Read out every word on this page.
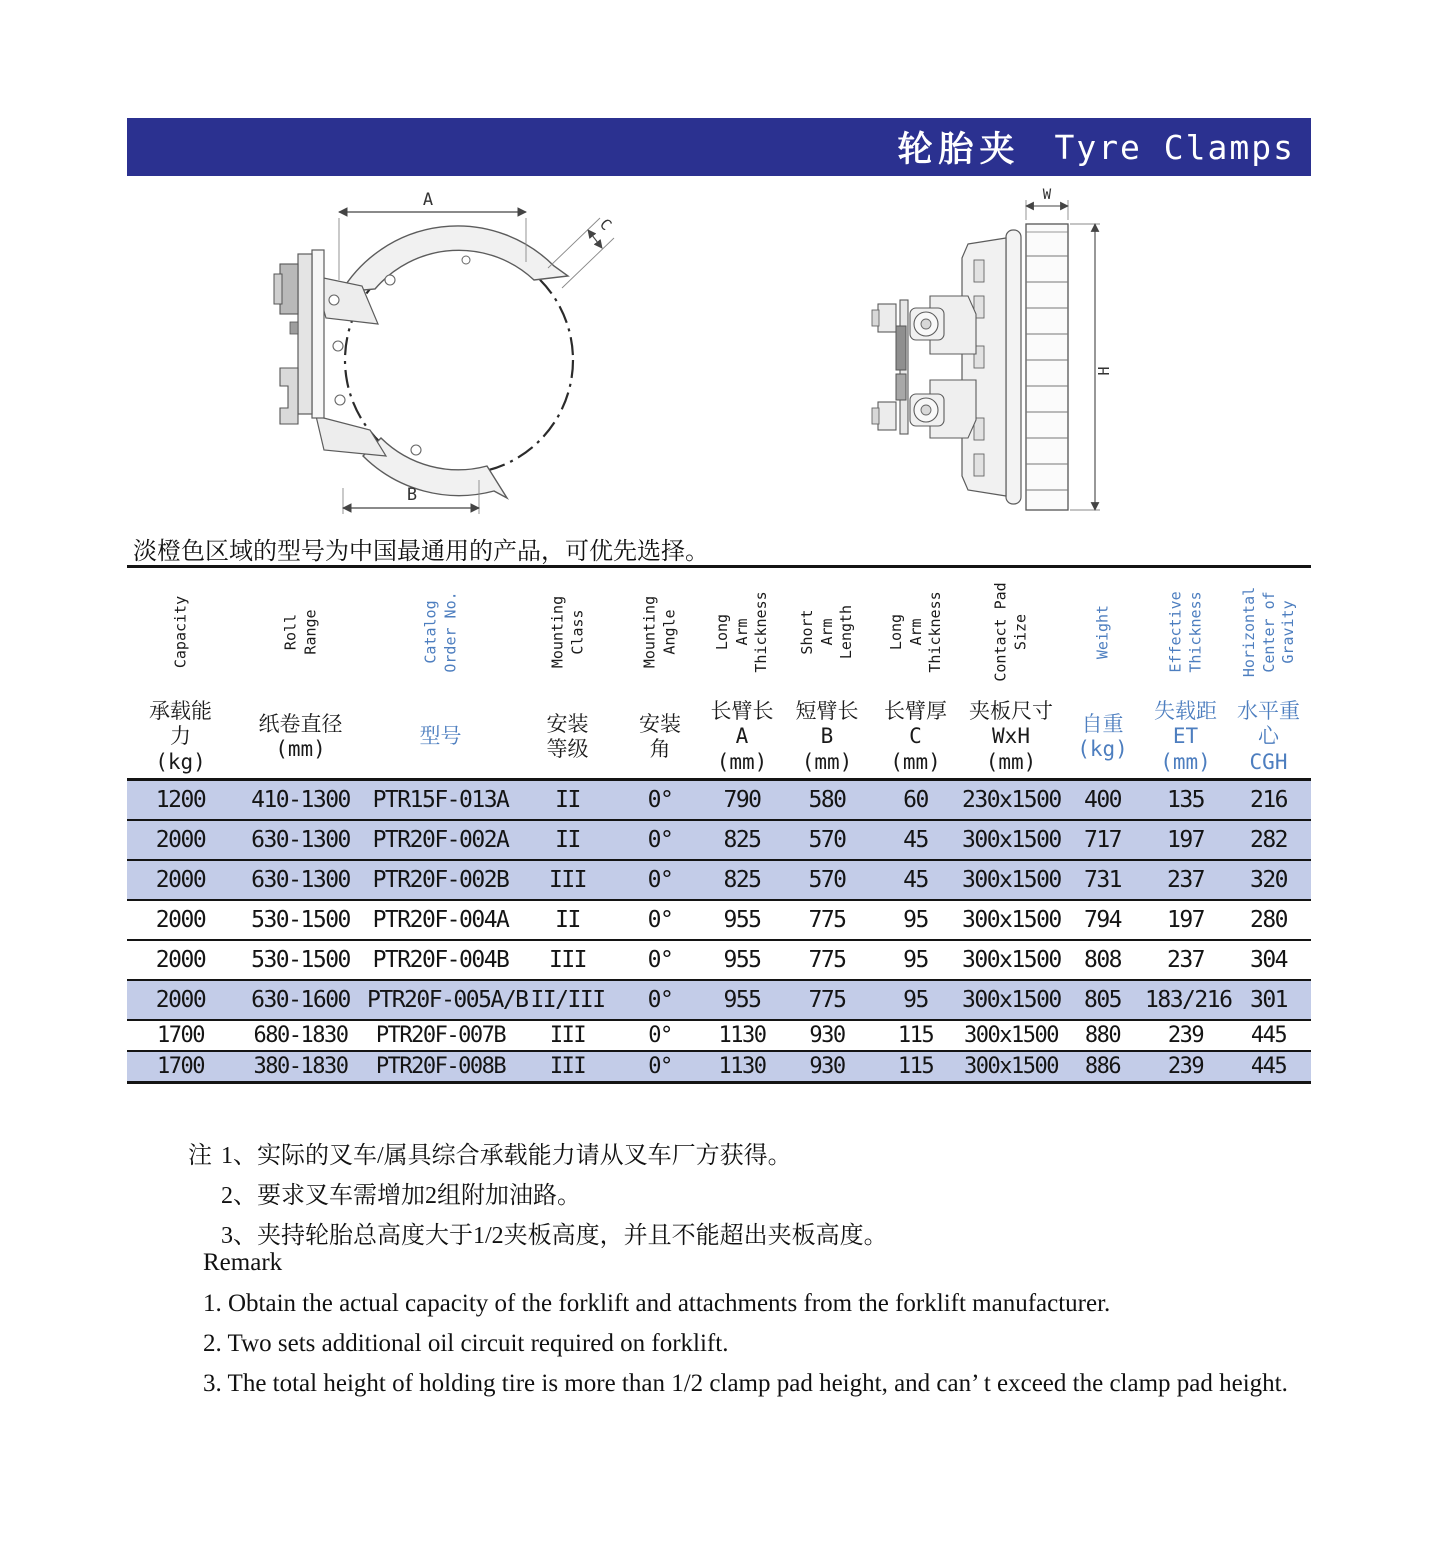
轮胎夹 Tyre Clamps
A
C
B
W
H
淡橙色区域的型号为中国最通用的产品，可优先选择。
Capacity
承载能
力
(kg)

Roll Range
纸卷直径
(mm)

Catalog Order No.
型号

Mounting Class
安装
等级

Mounting Angle
安装
角

Long Arm Thickness
长臂长
A
(mm)

Short Arm Length
短臂长
B
(mm)

Long Arm Thickness
长臂厚
C
(mm)

Contact Pad Size
夹板尺寸
WxH
(mm)

Weight
自重
(kg)

Effective Thickness
失载距
ET
(mm)

Horizontal Center of Gravity
水平重
心
CGH

1200	410-1300	PTR15F-013A	II	0°	790	580	60	230x1500	400	135	216
2000	630-1300	PTR20F-002A	II	0°	825	570	45	300x1500	717	197	282
2000	630-1300	PTR20F-002B	III	0°	825	570	45	300x1500	731	237	320
2000	530-1500	PTR20F-004A	II	0°	955	775	95	300x1500	794	197	280
2000	530-1500	PTR20F-004B	III	0°	955	775	95	300x1500	808	237	304
2000	630-1600	PTR20F-005A/B	II/III	0°	955	775	95	300x1500	805	183/216	301
1700	680-1830	PTR20F-007B	III	0°	1130	930	115	300x1500	880	239	445
1700	380-1830	PTR20F-008B	III	0°	1130	930	115	300x1500	886	239	445
注 1、实际的叉车/属具综合承载能力请从叉车厂方获得。
2、要求叉车需增加2组附加油路。
3、夹持轮胎总高度大于1/2夹板高度，并且不能超出夹板高度。
Remark
1. Obtain the actual capacity of the forklift and attachments from the forklift manufacturer.
2. Two sets additional oil circuit required on forklift.
3. The total height of holding tire is more than 1/2 clamp pad height, and can’ t exceed the clamp pad height.
